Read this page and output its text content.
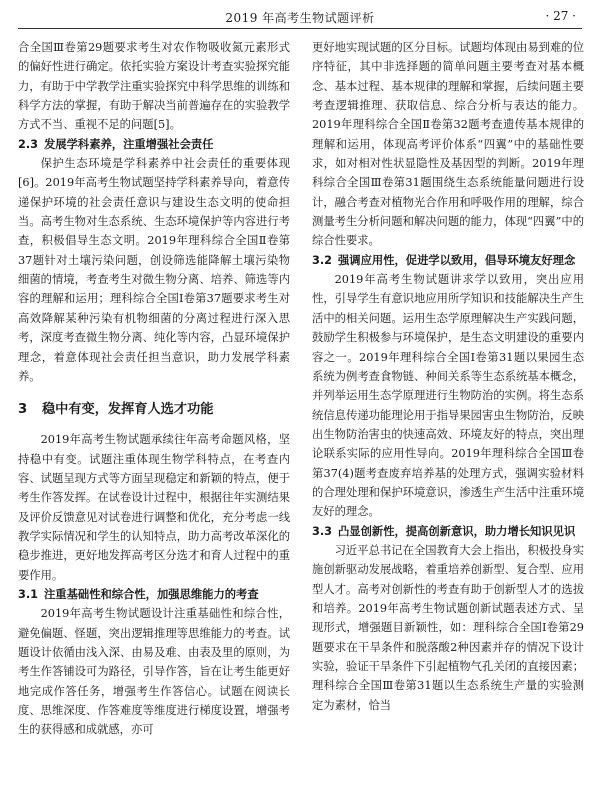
2019 年高考生物试题评析	· 27 ·

合全国Ⅲ卷第29题要求考生对农作物吸收氮元素形式的偏好性进行确定。依托实验方案设计考查实验探究能力，有助于中学教学注重实验探究中科学思维的训练和科学方法的掌握，有助于解决当前普遍存在的实验教学方式不当、重视不足的问题[5]。

2.3 发展学科素养，注重增强社会责任

保护生态环境是学科素养中社会责任的重要体现[6]。2019年高考生物试题坚持学科素养导向，着意传递保护环境的社会责任意识与建设生态文明的使命担当。高考生物对生态系统、生态环境保护等内容进行考查，积极倡导生态文明。2019年理科综合全国Ⅱ卷第37题针对土壤污染问题，创设筛选能降解土壤污染物细菌的情境，考查考生对微生物分离、培养、筛选等内容的理解和运用；理科综合全国Ⅰ卷第37题要求考生对高效降解某种污染有机物细菌的分离过程进行深入思考，深度考查微生物分离、纯化等内容，凸显环境保护理念，着意体现社会责任担当意识，助力发展学科素养。

3 稳中有变，发挥育人选才功能

2019年高考生物试题承续往年高考命题风格，坚持稳中有变。试题注重体现生物学科特点，在考查内容、试题呈现方式等方面呈现稳定和新颖的特点，便于考生作答发挥。在试卷设计过程中，根据往年实测结果及评价反馈意见对试卷进行调整和优化，充分考虑一线教学实际情况和学生的认知特点，助力高考改革深化的稳步推进，更好地发挥高考区分选才和育人过程中的重要作用。

3.1 注重基础性和综合性，加强思维能力的考查

2019年高考生物试题设计注重基础性和综合性，避免偏题、怪题，突出逻辑推理等思维能力的考查。试题设计依循由浅入深、由易及难、由表及里的原则，为考生作答铺设可为路径，引导作答，旨在让考生能更好地完成作答任务，增强考生作答信心。试题在阅读长度、思维深度、作答难度等维度进行梯度设置，增强考生的获得感和成就感，亦可

更好地实现试题的区分目标。试题均体现由易到难的位序特征，其中非选择题的简单问题主要考查对基本概念、基本过程、基本规律的理解和掌握，后续问题主要考查逻辑推理、获取信息、综合分析与表达的能力。2019年理科综合全国Ⅱ卷第32题考查遗传基本规律的理解和运用，体现高考评价体系“四翼”中的基础性要求，如对相对性状显隐性及基因型的判断。2019年理科综合全国Ⅲ卷第31题围绕生态系统能量问题进行设计，融合考查对植物光合作用和呼吸作用的理解，综合测量考生分析问题和解决问题的能力，体现“四翼”中的综合性要求。

3.2 强调应用性，促进学以致用，倡导环境友好理念

2019年高考生物试题讲求学以致用，突出应用性，引导学生有意识地应用所学知识和技能解决生产生活中的相关问题。运用生态学原理解决生产实践问题，鼓励学生积极参与环境保护，是生态文明建设的重要内容之一。2019年理科综合全国Ⅰ卷第31题以果园生态系统为例考查食物链、种间关系等生态系统基本概念，并列举运用生态学原理进行生物防治的实例。将生态系统信息传递功能理论用于指导果园害虫生物防治，反映出生物防治害虫的快速高效、环境友好的特点，突出理论联系实际的应用性导向。2019年理科综合全国Ⅲ卷第37(4)题考查废弃培养基的处理方式，强调实验材料的合理处理和保护环境意识，渗透生产生活中注重环境友好的理念。

3.3 凸显创新性，提高创新意识，助力增长知识见识

习近平总书记在全国教育大会上指出，积极投身实施创新驱动发展战略，着重培养创新型、复合型、应用型人才。高考对创新性的考查有助于创新型人才的选拔和培养。2019年高考生物试题创新试题表述方式、呈现形式，增强题目新颖性，如：理科综合全国Ⅰ卷第29题要求在干旱条件和脱落酸2种因素并存的情况下设计实验，验证干旱条件下引起植物气孔关闭的直接因素；理科综合全国Ⅲ卷第31题以生态系统生产量的实验测定为素材，恰当
